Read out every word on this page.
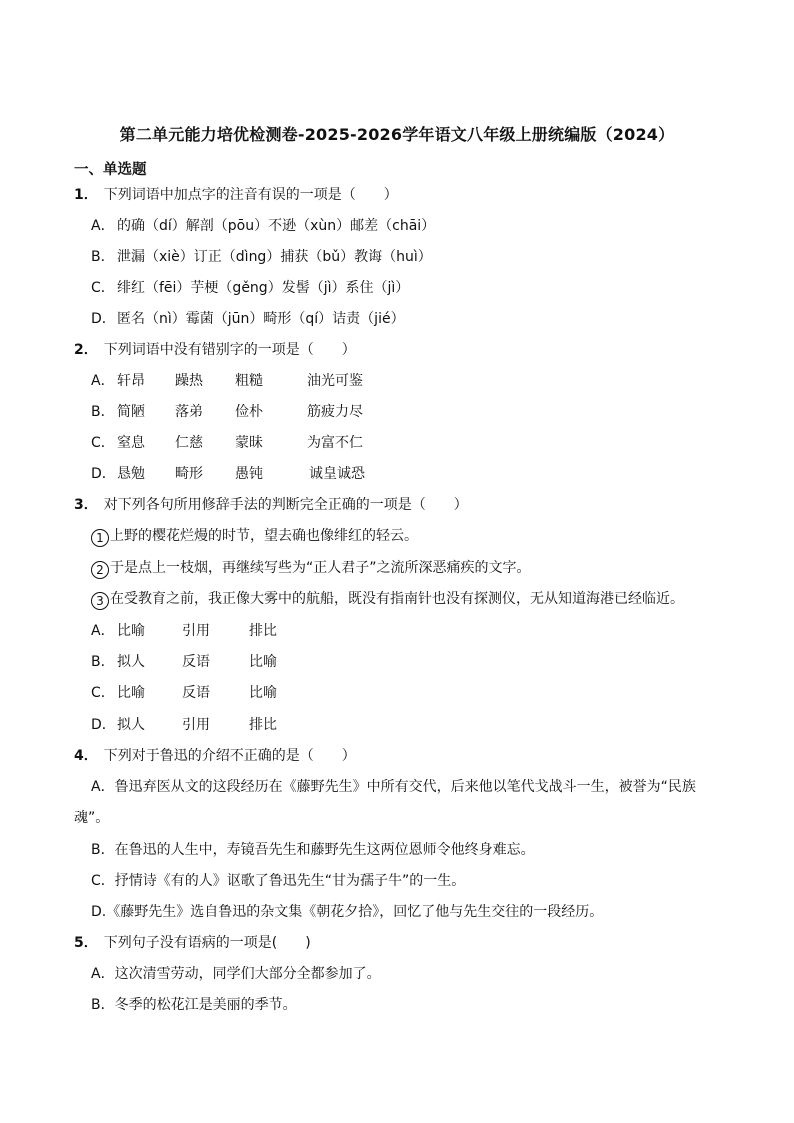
第二单元能力培优检测卷-2025-2026学年语文八年级上册统编版（2024）
一、单选题
1． 下列词语中加点字的注音有误的一项是（　　）
A． 的确（dí）解剖（pōu）不逊（xùn）邮差（chāi）
B． 泄漏（xiè）订正（dìng）捕获（bǔ）教诲（huì）
C． 绯红（fēi）芋梗（gěng）发髻（jì）系住（jì）
D．匿名（nì）霉菌（jūn）畸形（qí）诘责（jié）
2． 下列词语中没有错别字的一项是（　　）
A． 轩昂 躁热 粗糙	油光可鉴
B． 简陋 落弟 俭朴	筋疲力尽
C． 窒息 仁慈 蒙昧	为富不仁
D．恳勉 畸形 愚钝	诚皇诚恐
3． 对下列各句所用修辞手法的判断完全正确的一项是（　　）
1 上野的樱花烂熳的时节，望去确也像绯红的轻云。
2 于是点上一枝烟，再继续写些为“正人君子”之流所深恶痛疾的文字。
3 在受教育之前，我正像大雾中的航船，既没有指南针也没有探测仪，无从知道海港已经临近。
A． 比喻	引用	排比
B． 拟人	反语	比喻
C． 比喻	反语	比喻
D．拟人	引用	排比
4． 下列对于鲁迅的介绍不正确的是（　　）
A．鲁迅弃医从文的这段经历在《藤野先生》中所有交代，后来他以笔代戈战斗一生，被誉为“民族
魂”。
B．在鲁迅的人生中，寿镜吾先生和藤野先生这两位恩师令他终身难忘。
C．抒情诗《有的人》讴歌了鲁迅先生“甘为孺子牛”的一生。
D.《藤野先生》选自鲁迅的杂文集《朝花夕拾》，回忆了他与先生交往的一段经历。
5． 下列句子没有语病的一项是(　　)
A．这次清雪劳动，同学们大部分全都参加了。
B．冬季的松花江是美丽的季节。
